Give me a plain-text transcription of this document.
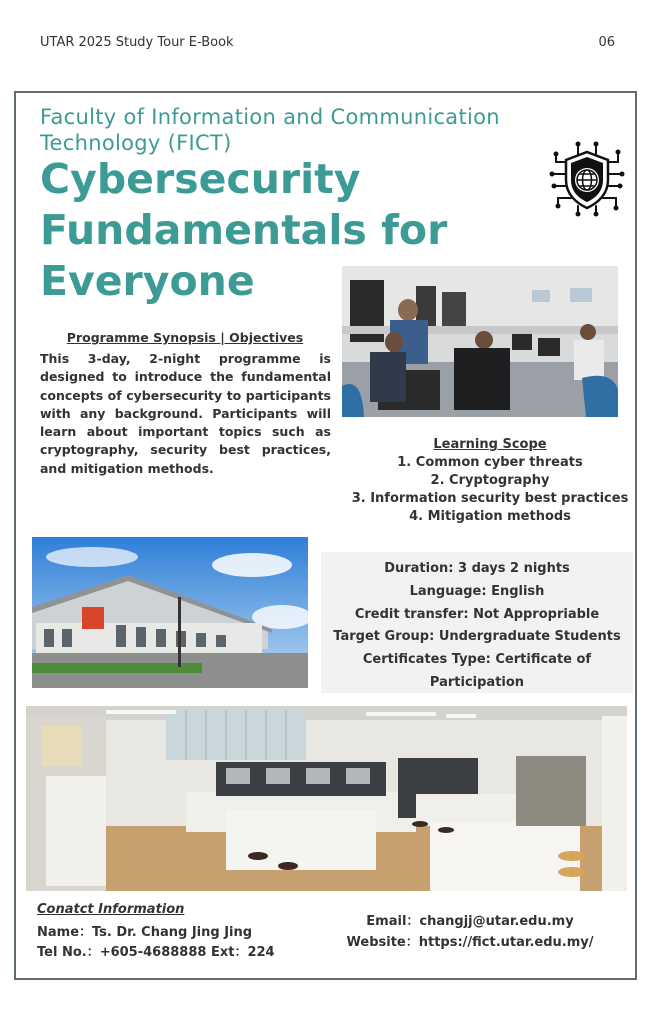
UTAR 2025 Study Tour E-Book	06
Faculty of Information and Communication Technology (FICT)
Cybersecurity Fundamentals for Everyone
Programme Synopsis | Objectives
This 3-day, 2-night programme is designed to introduce the fundamental concepts of cybersecurity to participants with any background. Participants will learn about important topics such as cryptography, security best practices, and mitigation methods.
Learning Scope
1. Common cyber threats
2. Cryptography
3. Information security best practices
4. Mitigation methods
Duration: 3 days 2 nights
Language: English
Credit transfer: Not Appropriable
Target Group: Undergraduate Students
Certificates Type: Certificate of
Participation
Conatct Information
Name：Ts. Dr. Chang Jing Jing
Tel No.：+605-4688888 Ext：224
Email：changjj@utar.edu.my
Website：https://fict.utar.edu.my/
